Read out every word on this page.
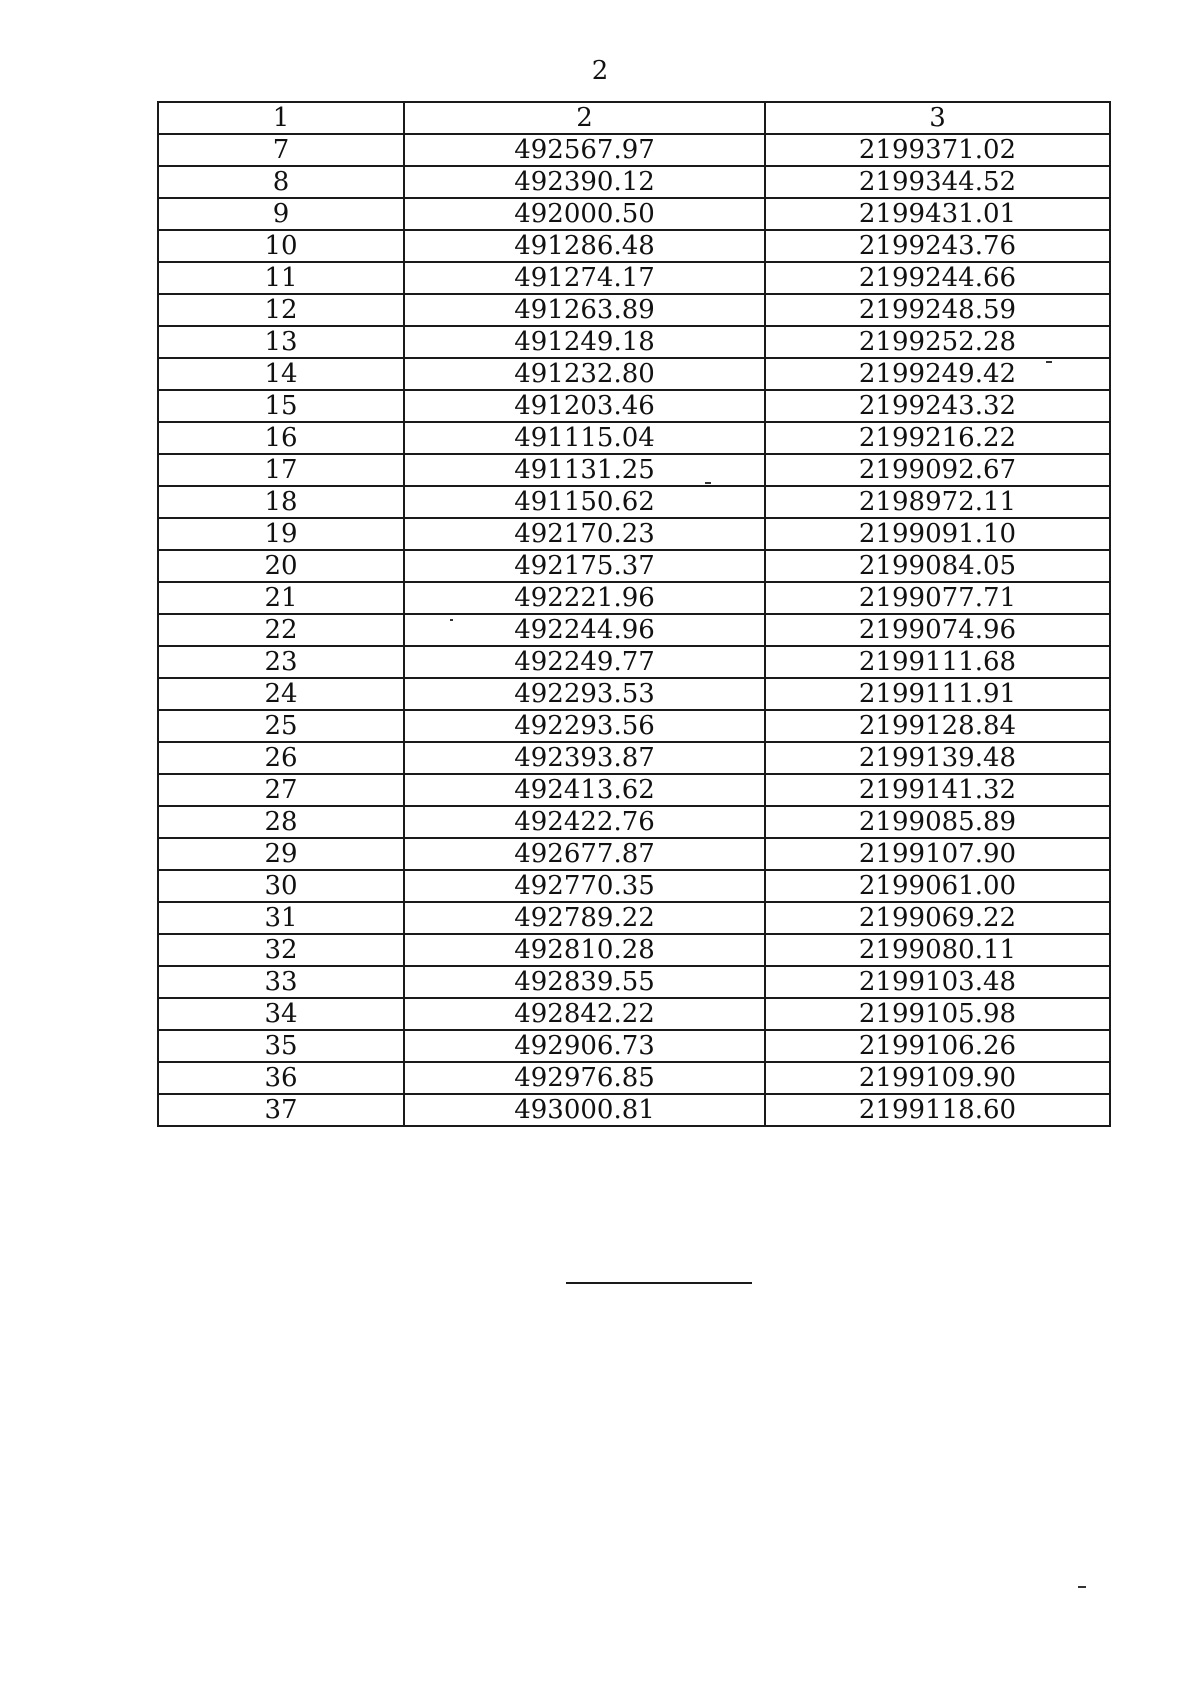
2
1	2	3
7	492567.97	2199371.02
8	492390.12	2199344.52
9	492000.50	2199431.01
10	491286.48	2199243.76
11	491274.17	2199244.66
12	491263.89	2199248.59
13	491249.18	2199252.28
14	491232.80	2199249.42
15	491203.46	2199243.32
16	491115.04	2199216.22
17	491131.25	2199092.67
18	491150.62	2198972.11
19	492170.23	2199091.10
20	492175.37	2199084.05
21	492221.96	2199077.71
22	492244.96	2199074.96
23	492249.77	2199111.68
24	492293.53	2199111.91
25	492293.56	2199128.84
26	492393.87	2199139.48
27	492413.62	2199141.32
28	492422.76	2199085.89
29	492677.87	2199107.90
30	492770.35	2199061.00
31	492789.22	2199069.22
32	492810.28	2199080.11
33	492839.55	2199103.48
34	492842.22	2199105.98
35	492906.73	2199106.26
36	492976.85	2199109.90
37	493000.81	2199118.60
